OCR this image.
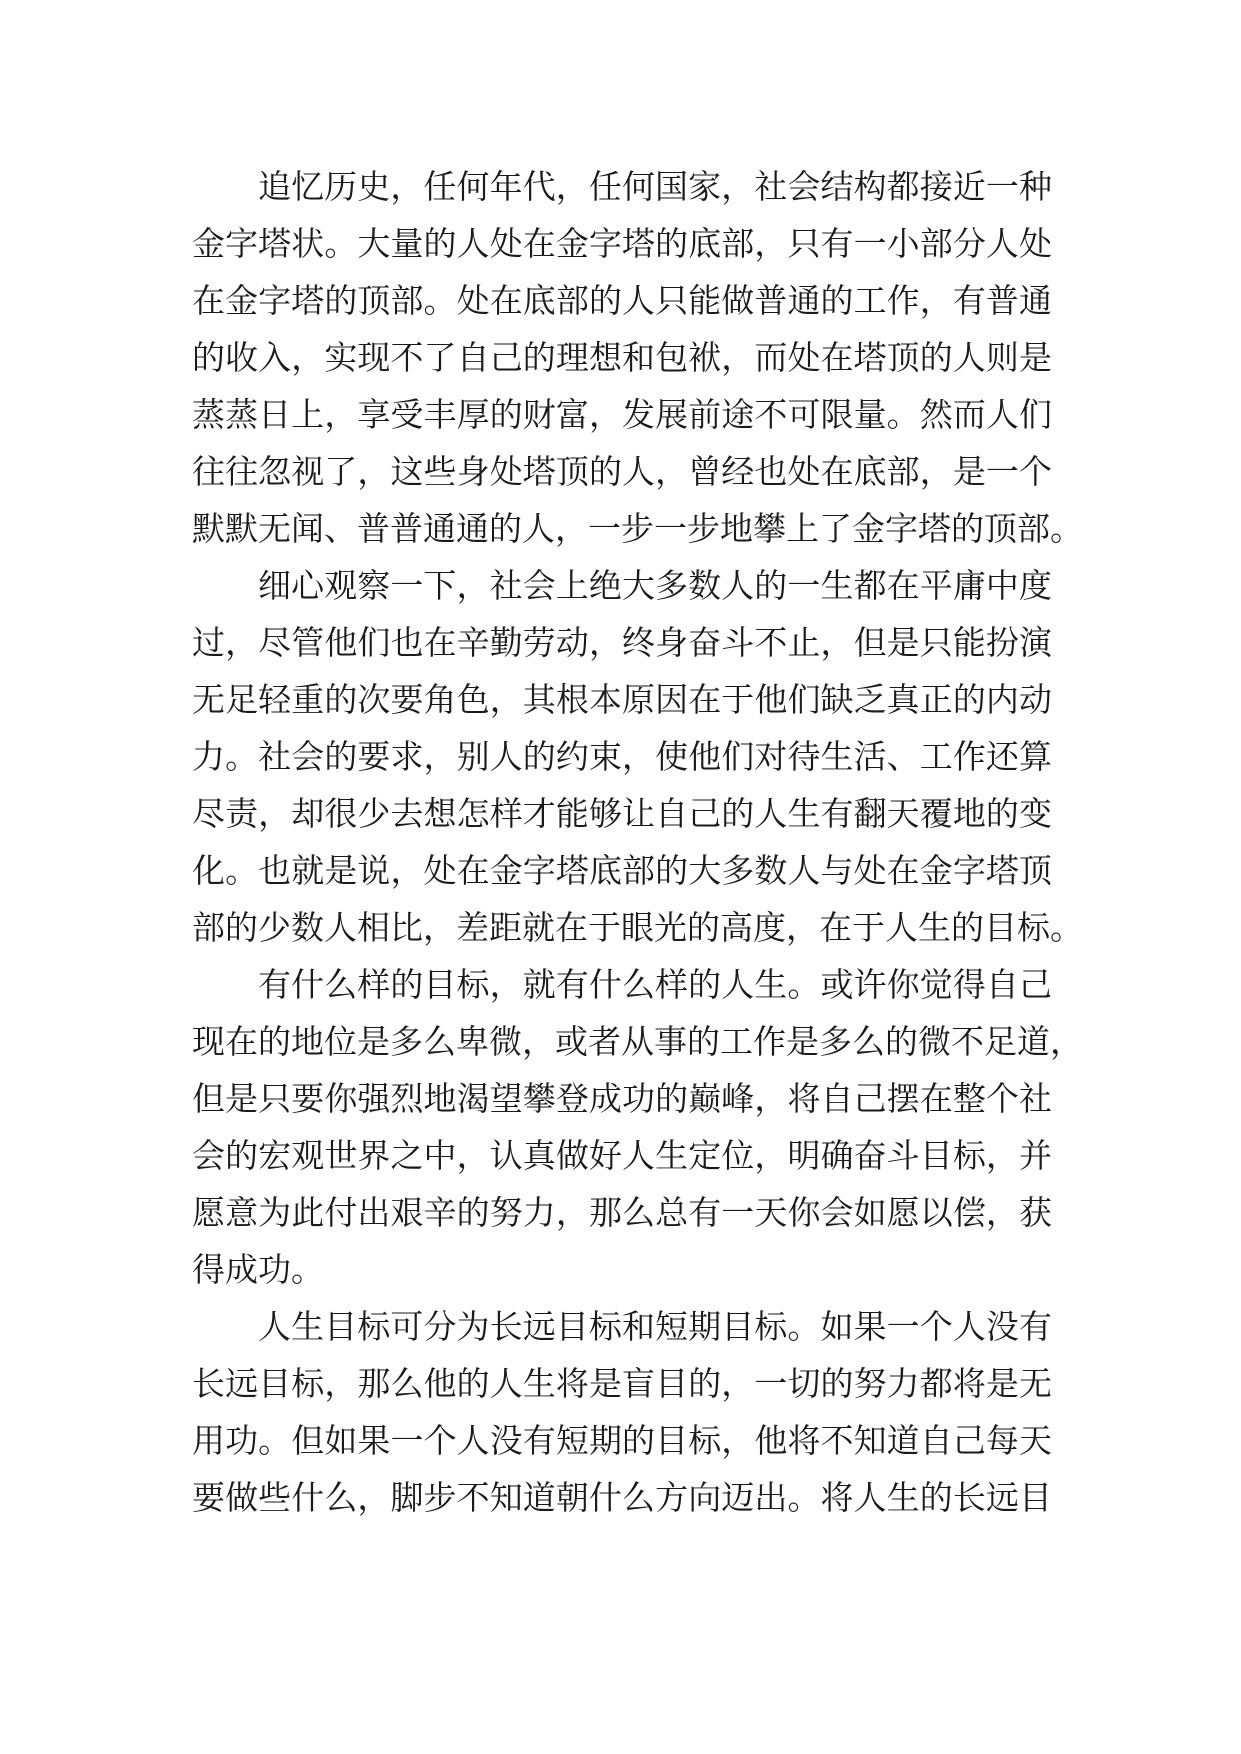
追忆历史，任何年代，任何国家，社会结构都接近一种
金字塔状。大量的人处在金字塔的底部，只有一小部分人处
在金字塔的顶部。处在底部的人只能做普通的工作，有普通
的收入，实现不了自己的理想和包袱，而处在塔顶的人则是
蒸蒸日上，享受丰厚的财富，发展前途不可限量。然而人们
往往忽视了，这些身处塔顶的人，曾经也处在底部，是一个
默默无闻、普普通通的人，一步一步地攀上了金字塔的顶部。
细心观察一下，社会上绝大多数人的一生都在平庸中度
过，尽管他们也在辛勤劳动，终身奋斗不止，但是只能扮演
无足轻重的次要角色，其根本原因在于他们缺乏真正的内动
力。社会的要求，别人的约束，使他们对待生活、工作还算
尽责，却很少去想怎样才能够让自己的人生有翻天覆地的变
化。也就是说，处在金字塔底部的大多数人与处在金字塔顶
部的少数人相比，差距就在于眼光的高度，在于人生的目标。
有什么样的目标，就有什么样的人生。或许你觉得自己
现在的地位是多么卑微，或者从事的工作是多么的微不足道，
但是只要你强烈地渴望攀登成功的巅峰，将自己摆在整个社
会的宏观世界之中，认真做好人生定位，明确奋斗目标，并
愿意为此付出艰辛的努力，那么总有一天你会如愿以偿，获
得成功。
人生目标可分为长远目标和短期目标。如果一个人没有
长远目标，那么他的人生将是盲目的，一切的努力都将是无
用功。但如果一个人没有短期的目标，他将不知道自己每天
要做些什么，脚步不知道朝什么方向迈出。将人生的长远目
